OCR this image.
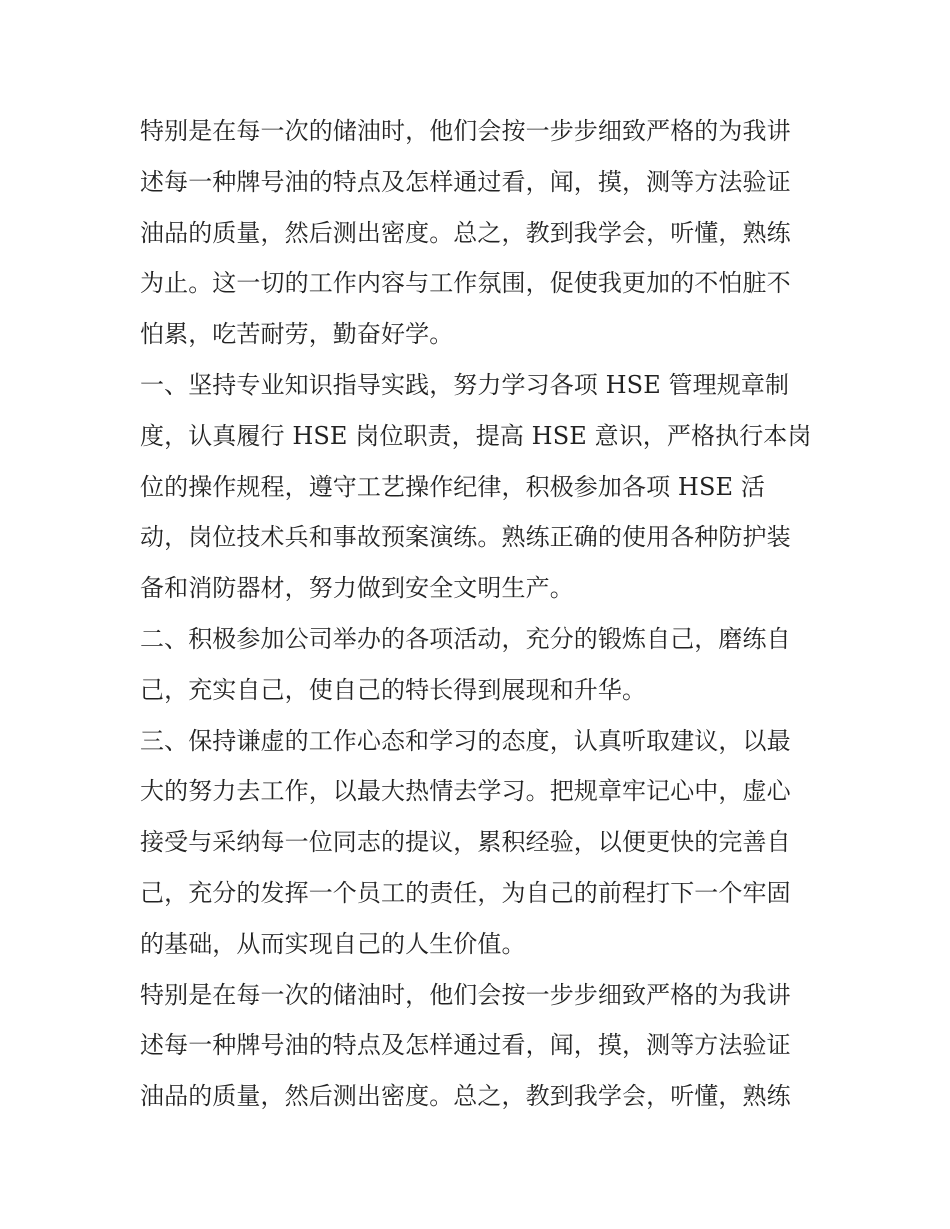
特别是在每一次的储油时，他们会按一步步细致严格的为我讲
述每一种牌号油的特点及怎样通过看，闻，摸，测等方法验证
油品的质量，然后测出密度。总之，教到我学会，听懂，熟练
为止。这一切的工作内容与工作氛围，促使我更加的不怕脏不
怕累，吃苦耐劳，勤奋好学。
一、坚持专业知识指导实践，努力学习各项 HSE 管理规章制
度，认真履行 HSE 岗位职责，提高 HSE 意识，严格执行本岗
位的操作规程，遵守工艺操作纪律，积极参加各项 HSE 活
动，岗位技术兵和事故预案演练。熟练正确的使用各种防护装
备和消防器材，努力做到安全文明生产。
二、积极参加公司举办的各项活动，充分的锻炼自己，磨练自
己，充实自己，使自己的特长得到展现和升华。
三、保持谦虚的工作心态和学习的态度，认真听取建议，以最
大的努力去工作，以最大热情去学习。把规章牢记心中，虚心
接受与采纳每一位同志的提议，累积经验，以便更快的完善自
己，充分的发挥一个员工的责任，为自己的前程打下一个牢固
的基础，从而实现自己的人生价值。
特别是在每一次的储油时，他们会按一步步细致严格的为我讲
述每一种牌号油的特点及怎样通过看，闻，摸，测等方法验证
油品的质量，然后测出密度。总之，教到我学会，听懂，熟练
